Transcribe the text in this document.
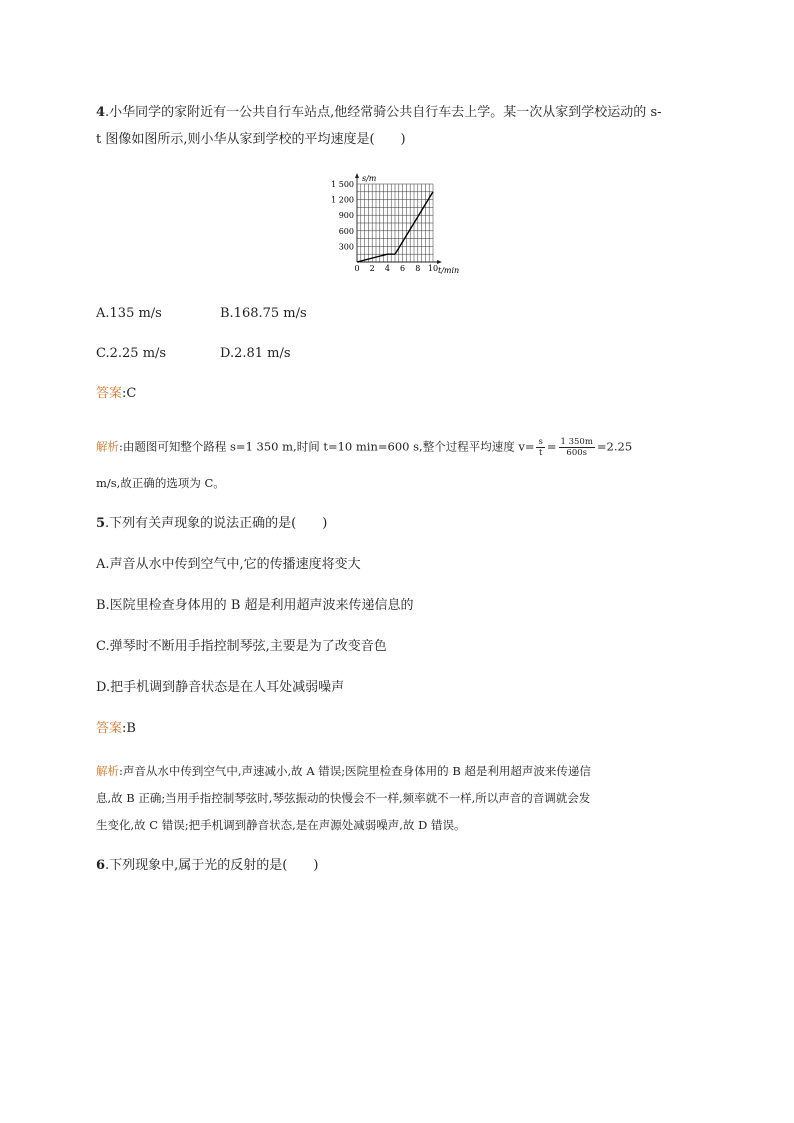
4.小华同学的家附近有一公共自行车站点,他经常骑公共自行车去上学。某一次从家到学校运动的 s-
t 图像如图所示,则小华从家到学校的平均速度是(　　)
0 2 4 6 8 10
300
600
900
1 200
1 500
s/m
t/min
A.135 m/s	B.168.75 m/s
C.2.25 m/s	D.2.81 m/s
答案:C
解析:由题图可知整个路程 s=1 350 m,时间 t=10 min=600 s,整个过程平均速度 $v= \frac{s}{t} = \frac{1 350m}{600s} =2.25$
m/s,故正确的选项为 C。
5.下列有关声现象的说法正确的是(　　)
A.声音从水中传到空气中,它的传播速度将变大
B.医院里检查身体用的 B 超是利用超声波来传递信息的
C.弹琴时不断用手指控制琴弦,主要是为了改变音色
D.把手机调到静音状态是在人耳处减弱噪声
答案:B
解析:声音从水中传到空气中,声速减小,故 A 错误;医院里检查身体用的 B 超是利用超声波来传递信
息,故 B 正确;当用手指控制琴弦时,琴弦振动的快慢会不一样,频率就不一样,所以声音的音调就会发
生变化,故 C 错误;把手机调到静音状态,是在声源处减弱噪声,故 D 错误。
6.下列现象中,属于光的反射的是(　　)
